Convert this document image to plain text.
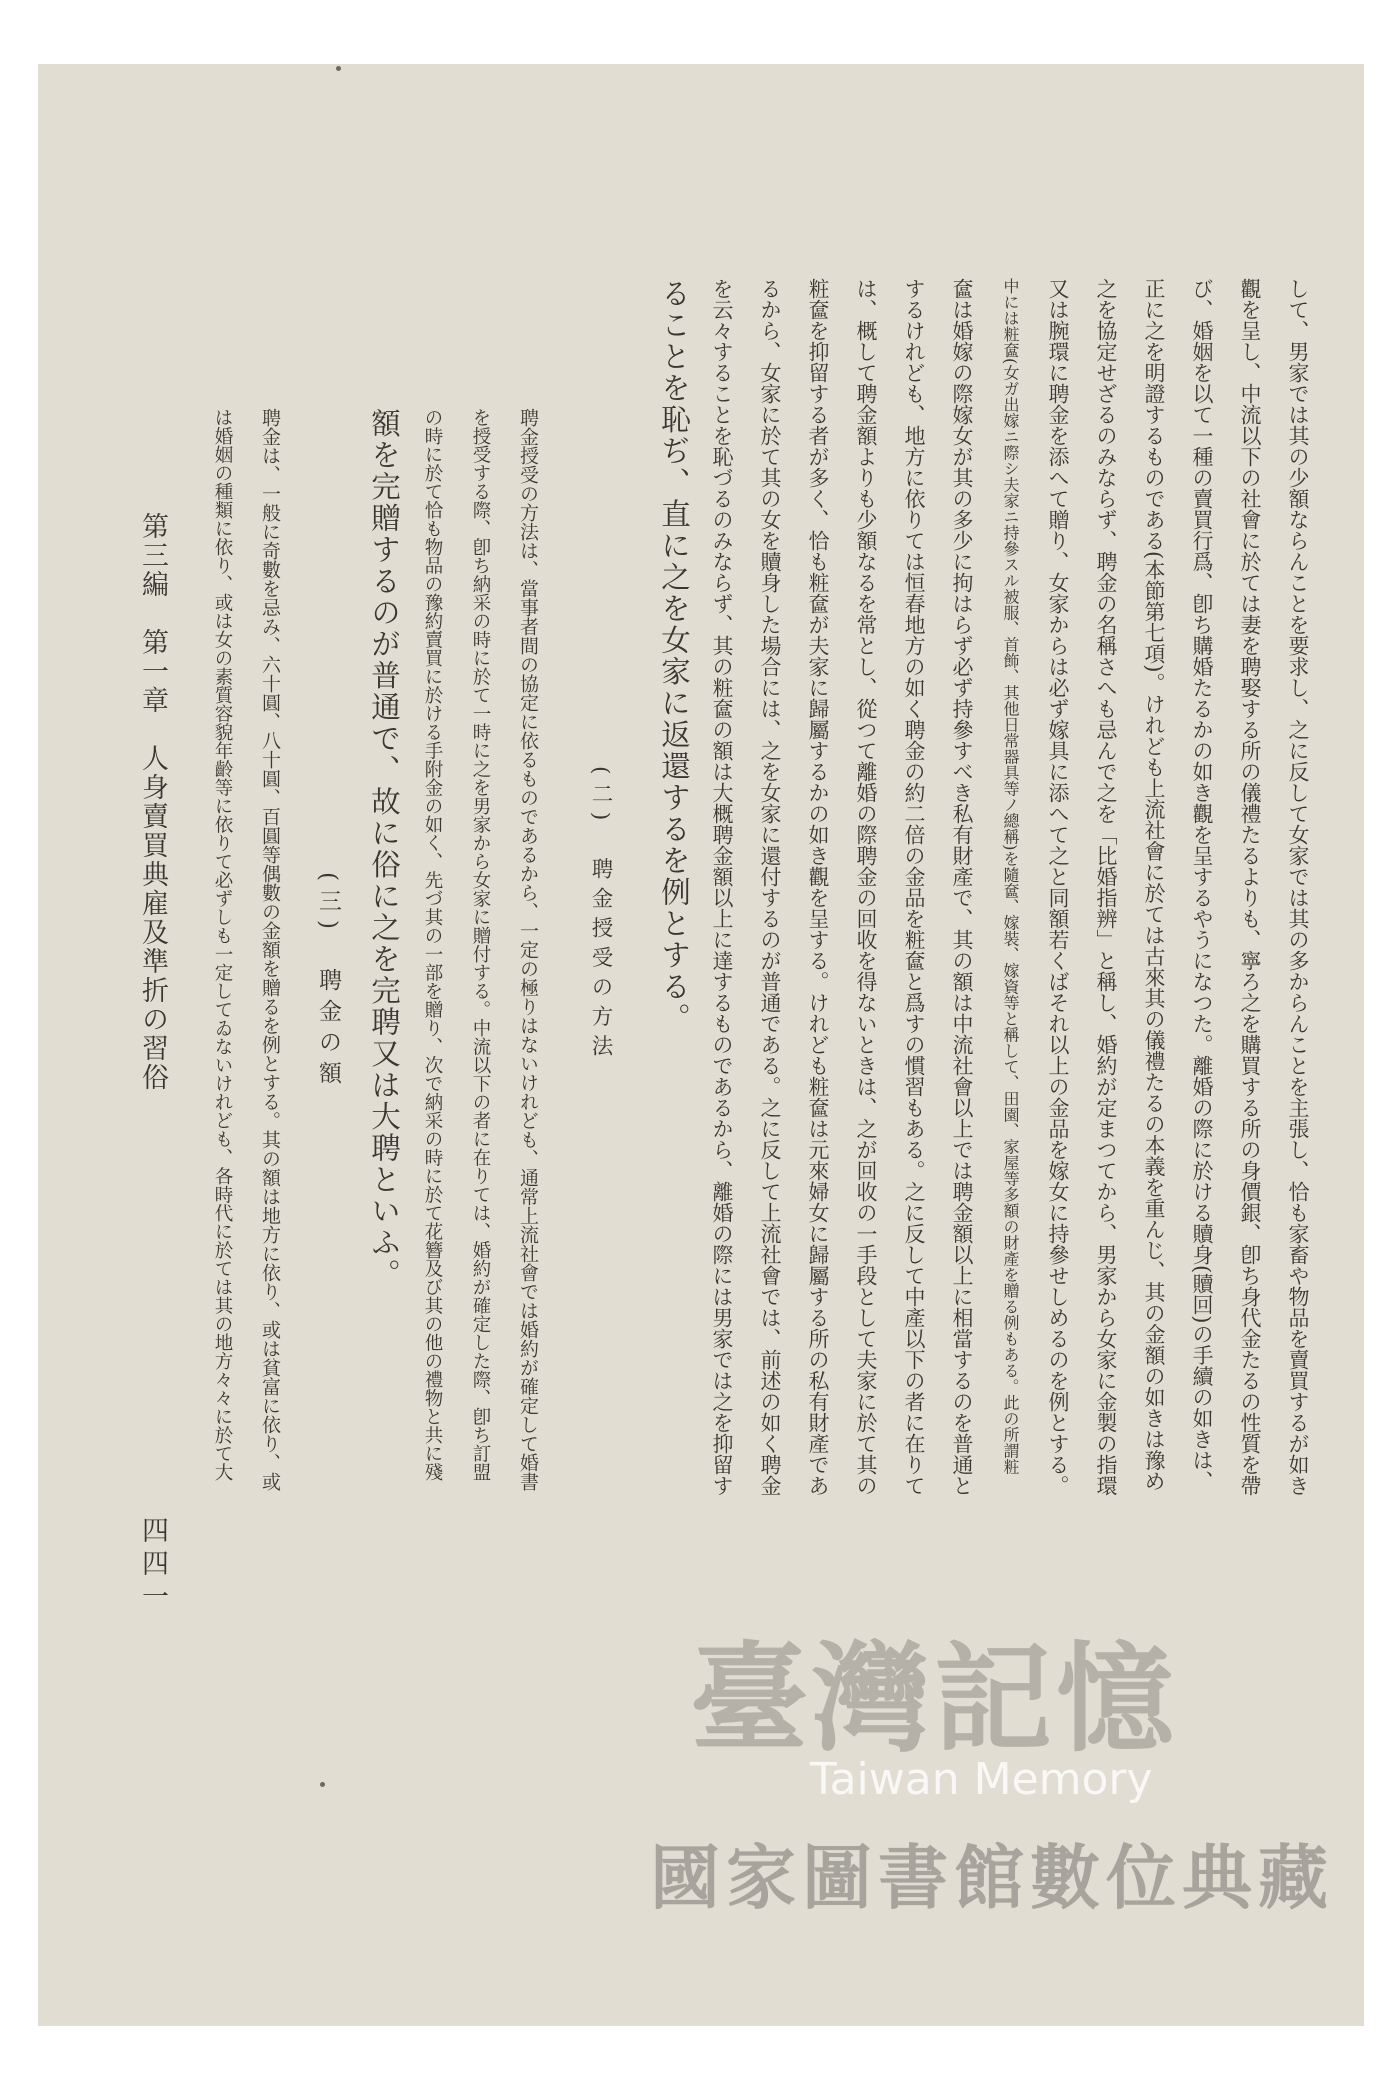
して、男家では其の少額ならんことを要求し、之に反して女家では其の多からんことを主張し、恰も家畜や物品を賣買するが如き
觀を呈し、中流以下の社會に於ては妻を聘娶する所の儀禮たるよりも、寧ろ之を購買する所の身價銀、卽ち身代金たるの性質を帶
び、婚姻を以て一種の賣買行爲、卽ち購婚たるかの如き觀を呈するやうになつた。離婚の際に於ける贖身(贖回)の手續の如きは、
正に之を明證するものである(本節第七項)。けれども上流社會に於ては古來其の儀禮たるの本義を重んじ、其の金額の如きは豫め
之を協定せざるのみならず、聘金の名稱さへも忌んで之を「比婚指辨」と稱し、婚約が定まつてから、男家から女家に金製の指環
又は腕環に聘金を添へて贈り、女家からは必ず嫁具に添へて之と同額若くばそれ以上の金品を嫁女に持參せしめるのを例とする。
中には粧奩(女ガ出嫁ニ際シ夫家ニ持參スル被服、首飾、其他日常器具等ノ總稱)を隨奩、嫁裝、嫁資等と稱して、田園、家屋等多額の財產を贈る例もある。此の所謂粧
奩は婚嫁の際嫁女が其の多少に拘はらず必ず持參すべき私有財產で、其の額は中流社會以上では聘金額以上に相當するのを普通と
するけれども、地方に依りては恒春地方の如く聘金の約二倍の金品を粧奩と爲すの慣習もある。之に反して中產以下の者に在りて
は、概して聘金額よりも少額なるを常とし、從つて離婚の際聘金の回收を得ないときは、之が回收の一手段として夫家に於て其の
粧奩を抑留する者が多く、恰も粧奩が夫家に歸屬するかの如き觀を呈する。けれども粧奩は元來婦女に歸屬する所の私有財產であ
るから、女家に於て其の女を贖身した場合には、之を女家に還付するのが普通である。之に反して上流社會では、前述の如く聘金
を云々することを恥づるのみならず、其の粧奩の額は大概聘金額以上に達するものであるから、離婚の際には男家では之を抑留す
ることを恥ぢ、直に之を女家に返還するを例とする。
(二)　聘金授受の方法
聘金授受の方法は、當事者間の協定に依るものであるから、一定の極りはないけれども、通常上流社會では婚約が確定して婚書
を授受する際、卽ち納采の時に於て一時に之を男家から女家に贈付する。中流以下の者に在りては、婚約が確定した際、卽ち訂盟
の時に於て恰も物品の豫約賣買に於ける手附金の如く、先づ其の一部を贈り、次で納采の時に於て花簪及び其の他の禮物と共に殘
額を完贈するのが普通で、故に俗に之を完聘又は大聘といふ。
(三)　聘金の額
聘金は、一般に奇數を忌み、六十圓、八十圓、百圓等偶數の金額を贈るを例とする。其の額は地方に依り、或は貧富に依り、或
は婚姻の種類に依り、或は女の素質容貌年齡等に依りて必ずしも一定してゐないけれども、各時代に於ては其の地方々々に於て大
第三編　第一章　人身賣買典雇及準折の習俗
四四一
臺灣記憶
Taiwan Memory
國家圖書館數位典藏
